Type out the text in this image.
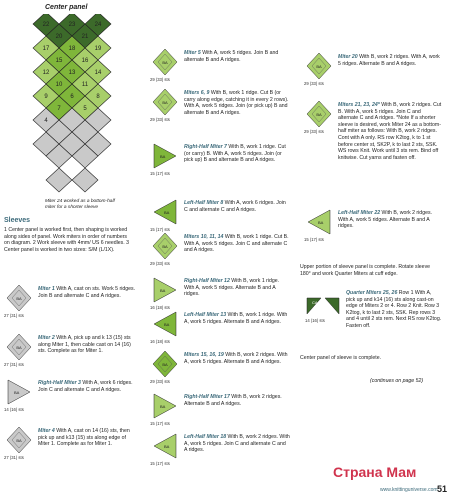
Center panel
22	23	24
20	21
17	18	19
15	16
12	13	14
10	11
9	6	8
7	5
4
Miter 24 worked as a bottom-half miter for a shorter sleeve
Sleeves
1 Center panel is worked first, then shaping is worked along sides of panel. Work miters in order of numbers on diagram. 2 Work sleeve with 4mm/ US 6 needles. 3 Center panel is worked in two sizes: S/M (L/1X).
BA
27 (31) sts
Miter 1 With A, cast on sts. Work 5 ridges. Join B and alternate C and A ridges.
BA
27 (31) sts
Miter 2 With A, pick up and k 13 (15) sts along Miter 1, then cable cast on 14 (16) sts. Complete as for Miter 1.
BA
14 (16) sts
Right-Half Miter 3 With A, work 6 ridges. Join C and alternate C and A ridges.
BA
27 (31) sts
Miter 4 With A, cast on 14 (16) sts, then pick up and k13 (15) sts along edge of Miter 1. Complete as for Miter 1.
BA
29 (33) sts
Miter 5 With A, work 5 ridges. Join B and alternate B and A ridges.
BA
29 (33) sts
Miters 6, 9 With B, work 1 ridge. Cut B (or carry along edge, catching it in every 2 rows). With A, work 5 ridges. Join (or pick up) B and alternate B and A ridges.
BA
15 (17) sts
Right-Half Miter 7 With B, work 1 ridge. Cut (or carry) B. With A, work 5 ridges. Join (or pick up) B and alternate B and A ridges.
BA
15 (17) sts
Left-Half Miter 8 With A, work 6 ridges. Join C and alternate C and A ridges.
BA
29 (33) sts
Miters 10, 11, 14 With B, work 1 ridge. Cut B. With A, work 5 ridges. Join C and alternate C and A ridges.
BA
16 (18) sts
Right-Half Miter 12 With B, work 1 ridge. With A, work 5 ridges. Alternate B and A ridges.
BA
16 (18) sts
Left-Half Miter 13 With B, work 1 ridge. With A, work 5 ridges. Alternate B and A ridges.
BA
29 (33) sts
Miters 15, 16, 19 With B, work 2 ridges. With A, work 5 ridges. Alternate B and A ridges.
BA
15 (17) sts
Right-Half Miter 17 With B, work 2 ridges. Alternate B and A ridges.
BA
15 (17) sts
Left-Half Miter 18 With B, work 2 ridges. With A, work 5 ridges. Join C and alternate C and A ridges.
BA
29 (33) sts
Miter 20 With B, work 2 ridges. With A, work 5 ridges. Alternate B and A ridges.
BA
29 (33) sts
Miters 21, 23, 24* With B, work 2 ridges. Cut B. With A, work 5 ridges. Join C and alternate C and A ridges. *Note If a shorter sleeve is desired, work Miter 24 as a bottom-half miter as follows: With B, work 2 ridges. Cont with A only. RS row K2tog, k to 1 st before center st, SK2P, k to last 2 sts, SSK. WS rows Knit. Work until 3 sts rem. Bind off knitwise. Cut yarns and fasten off.
BA
15 (17) sts
Left-Half Miter 22 With B, work 2 ridges. With A, work 5 ridges. Alternate B and A ridges.
Upper portion of sleeve panel is complete. Rotate sleeve 180° and work Quarter Miters at cuff edge.
CA
14 (16) sts
Quarter Miters 25, 26 Row 1 With A, pick up and k14 (16) sts along cast-on edge of Miters 2 or 4. Row 2 Knit. Row 3 K2tog, k to last 2 sts, SSK. Rep rows 3 and 4 until 2 sts rem. Next RS row K2tog. Fasten off.
Center panel of sleeve is complete.
(continues on page 52)
www.knittinguniverse.com 51
Страна Мам
